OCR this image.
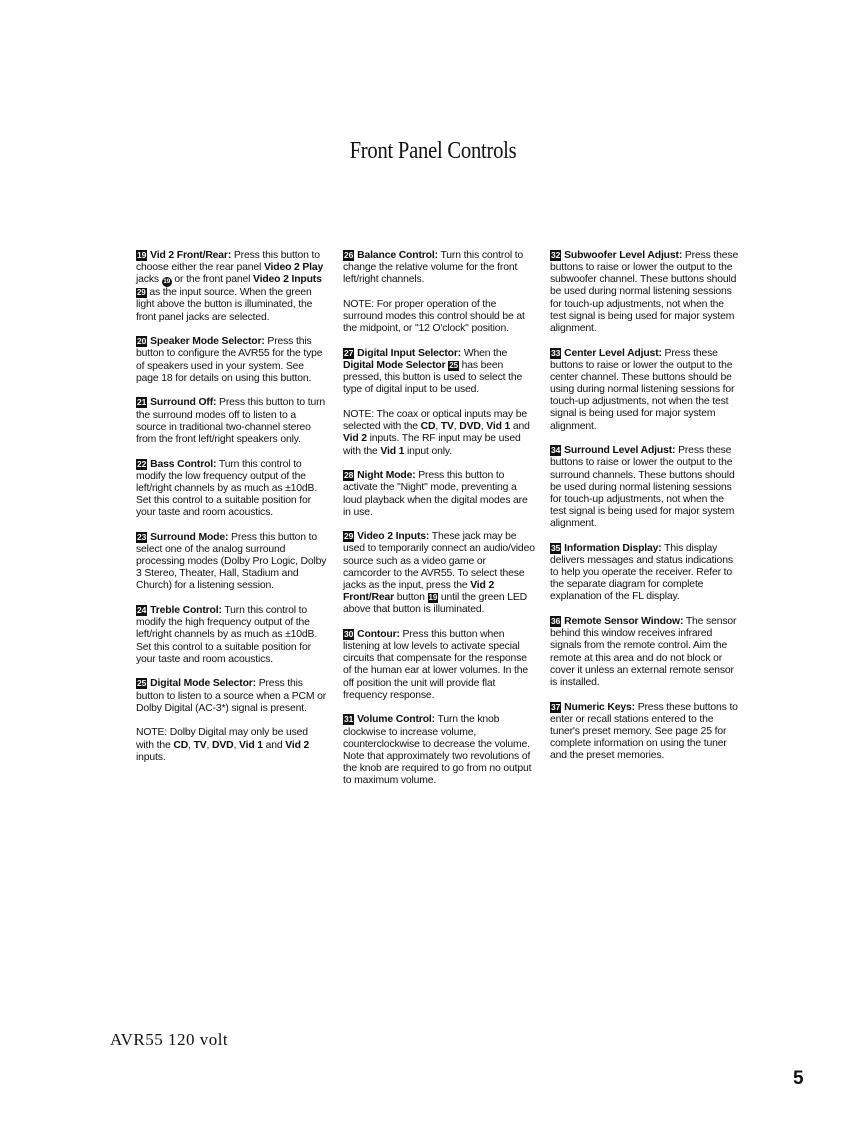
Front Panel Controls

19 Vid 2 Front/Rear: Press this button to choose either the rear panel Video 2 Play jacks 19 or the front panel Video 2 Inputs 29 as the input source. When the green light above the button is illuminated, the front panel jacks are selected.

20 Speaker Mode Selector: Press this button to configure the AVR55 for the type of speakers used in your system. See page 18 for details on using this button.

21 Surround Off: Press this button to turn the surround modes off to listen to a source in traditional two-channel stereo from the front left/right speakers only.

22 Bass Control: Turn this control to modify the low frequency output of the left/right channels by as much as ±10dB. Set this control to a suitable position for your taste and room acoustics.

23 Surround Mode: Press this button to select one of the analog surround processing modes (Dolby Pro Logic, Dolby 3 Stereo, Theater, Hall, Stadium and Church) for a listening session.

24 Treble Control: Turn this control to modify the high frequency output of the left/right channels by as much as ±10dB. Set this control to a suitable position for your taste and room acoustics.

25 Digital Mode Selector: Press this button to listen to a source when a PCM or Dolby Digital (AC-3*) signal is present.

NOTE: Dolby Digital may only be used with the CD, TV, DVD, Vid 1 and Vid 2 inputs.

26 Balance Control: Turn this control to change the relative volume for the front left/right channels.

NOTE: For proper operation of the surround modes this control should be at the midpoint, or "12 O'clock" position.

27 Digital Input Selector: When the Digital Mode Selector 25 has been pressed, this button is used to select the type of digital input to be used.

NOTE: The coax or optical inputs may be selected with the CD, TV, DVD, Vid 1 and Vid 2 inputs. The RF input may be used with the Vid 1 input only.

28 Night Mode: Press this button to activate the "Night" mode, preventing a loud playback when the digital modes are in use.

29 Video 2 Inputs: These jack may be used to temporarily connect an audio/video source such as a video game or camcorder to the AVR55. To select these jacks as the input, press the Vid 2 Front/Rear button 19 until the green LED above that button is illuminated.

30 Contour: Press this button when listening at low levels to activate special circuits that compensate for the response of the human ear at lower volumes. In the off position the unit will provide flat frequency response.

31 Volume Control: Turn the knob clockwise to increase volume, counterclockwise to decrease the volume. Note that approximately two revolutions of the knob are required to go from no output to maximum volume.

32 Subwoofer Level Adjust: Press these buttons to raise or lower the output to the subwoofer channel. These buttons should be used during normal listening sessions for touch-up adjustments, not when the test signal is being used for major system alignment.

33 Center Level Adjust: Press these buttons to raise or lower the output to the center channel. These buttons should be using during normal listening sessions for touch-up adjustments, not when the test signal is being used for major system alignment.

34 Surround Level Adjust: Press these buttons to raise or lower the output to the surround channels. These buttons should be used during normal listening sessions for touch-up adjustments, not when the test signal is being used for major system alignment.

35 Information Display: This display delivers messages and status indications to help you operate the receiver. Refer to the separate diagram for complete explanation of the FL display.

36 Remote Sensor Window: The sensor behind this window receives infrared signals from the remote control. Aim the remote at this area and do not block or cover it unless an external remote sensor is installed.

37 Numeric Keys: Press these buttons to enter or recall stations entered to the tuner's preset memory. See page 25 for complete information on using the tuner and the preset memories.

AVR55 120 volt
5
